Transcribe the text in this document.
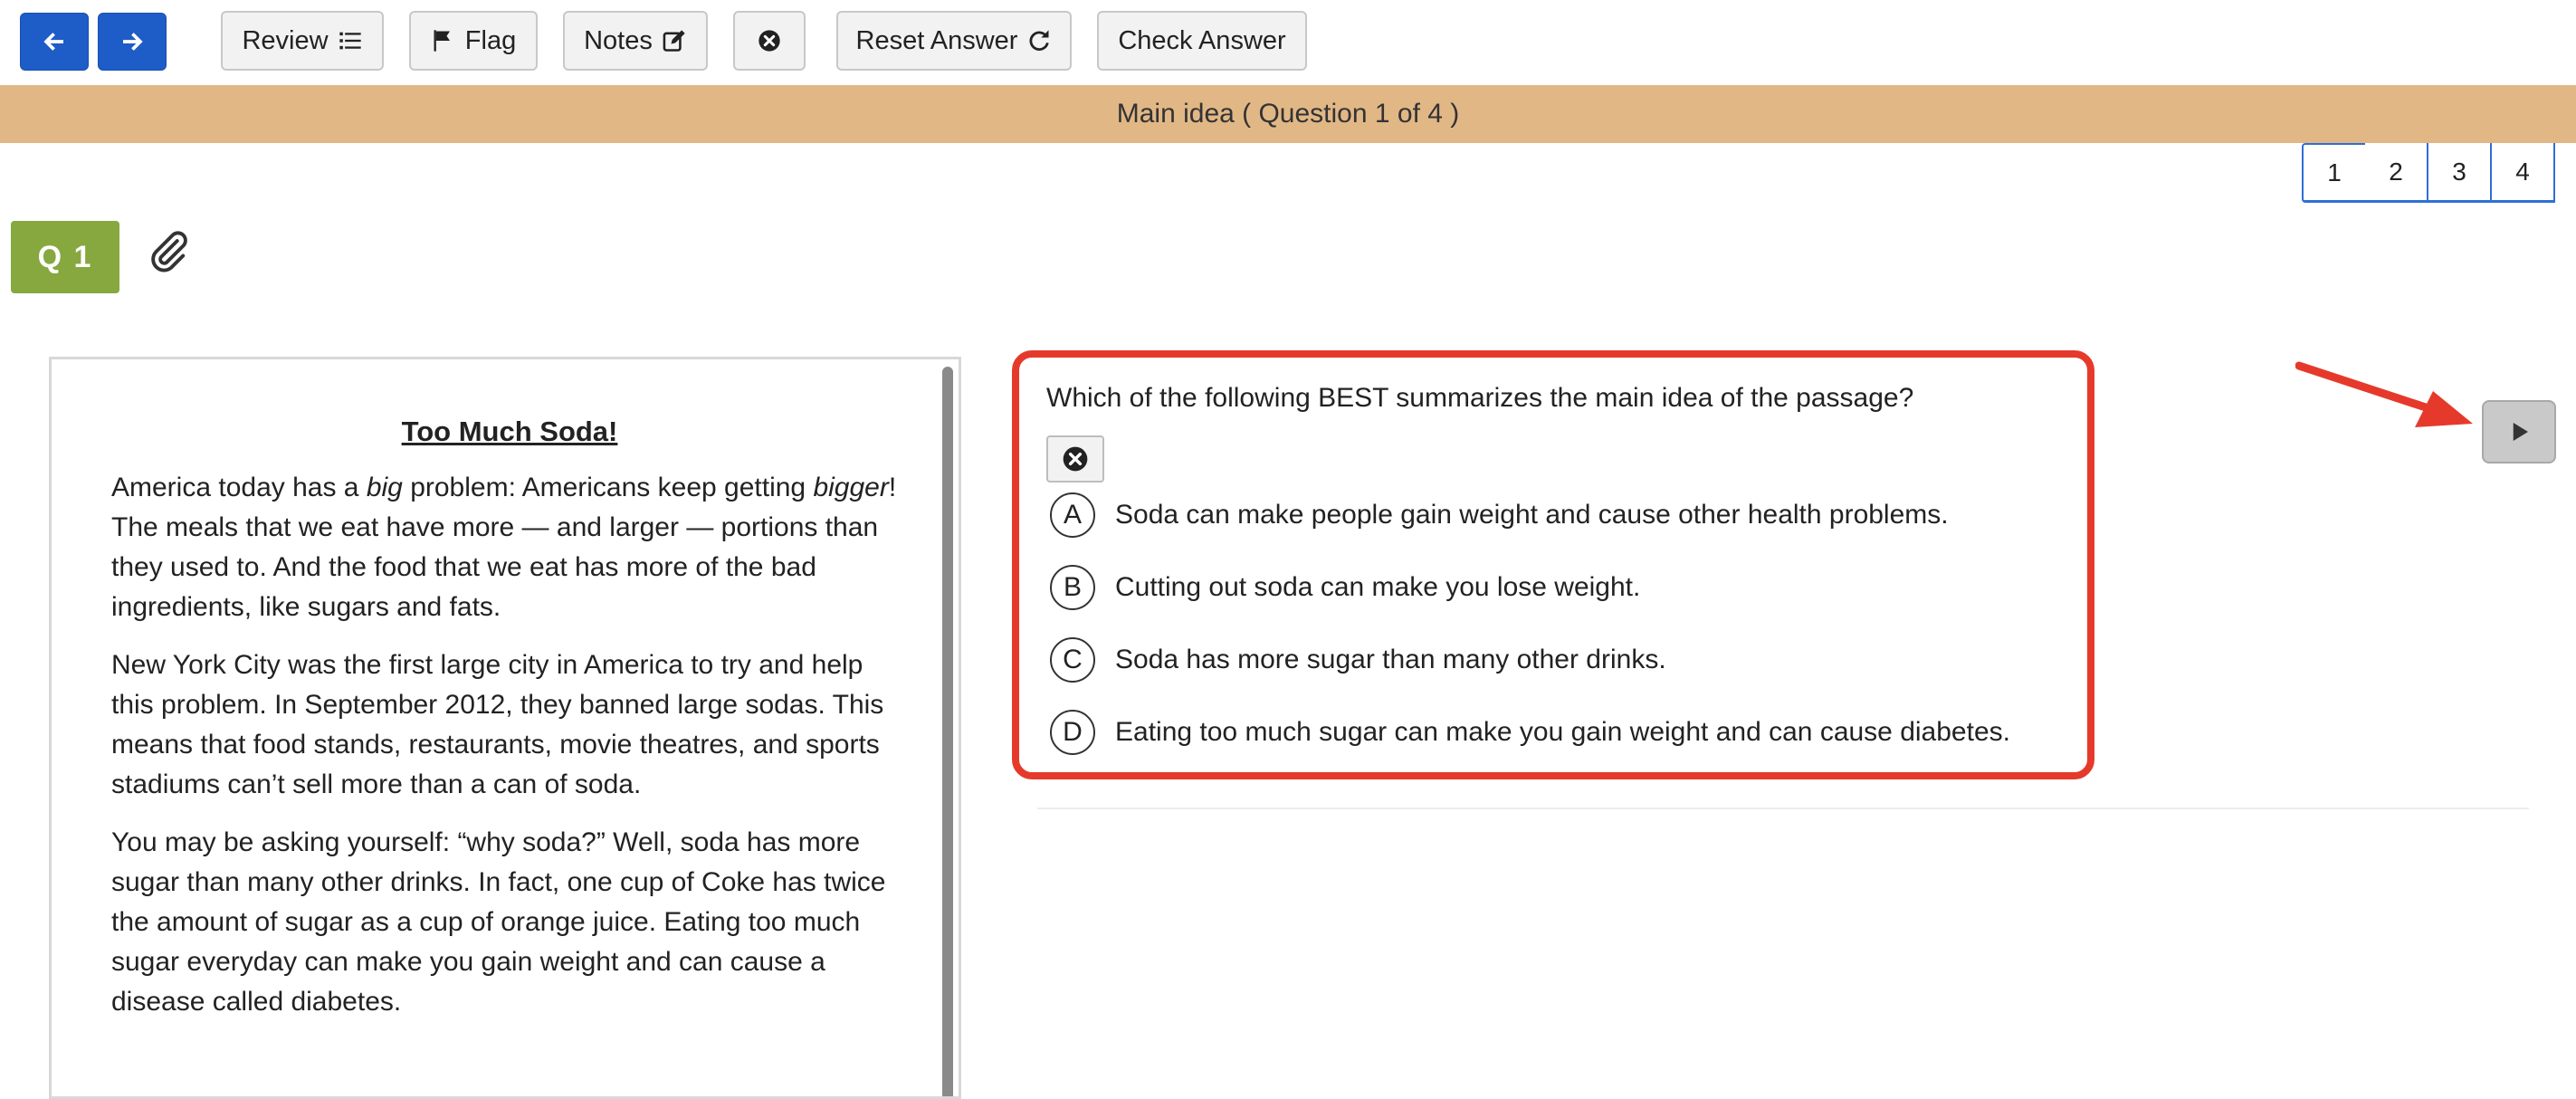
Review	Flag	Notes	Reset Answer	Check Answer
Main idea ( Question 1 of 4 )
1	2	3	4
Q 1
Too Much Soda!

America today has a big problem: Americans keep getting bigger! The meals that we eat have more — and larger — portions than they used to. And the food that we eat has more of the bad ingredients, like sugars and fats.

New York City was the first large city in America to try and help this problem. In September 2012, they banned large sodas. This means that food stands, restaurants, movie theatres, and sports stadiums can’t sell more than a can of soda.

You may be asking yourself: “why soda?” Well, soda has more sugar than many other drinks. In fact, one cup of Coke has twice the amount of sugar as a cup of orange juice. Eating too much sugar everyday can make you gain weight and can cause a disease called diabetes.

Which of the following BEST summarizes the main idea of the passage?
A	Soda can make people gain weight and cause other health problems.
B	Cutting out soda can make you lose weight.
C	Soda has more sugar than many other drinks.
D	Eating too much sugar can make you gain weight and can cause diabetes.
